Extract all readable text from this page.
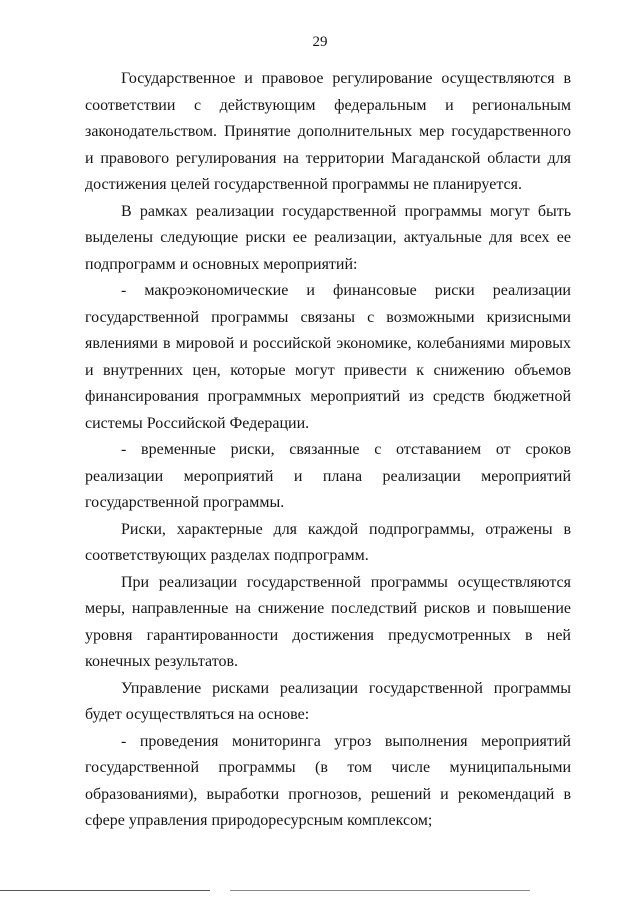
29

Государственное и правовое регулирование осуществляются в соответствии с действующим федеральным и региональным законодательством. Принятие дополнительных мер государственного и правового регулирования на территории Магаданской области для достижения целей государственной программы не планируется.

В рамках реализации государственной программы могут быть выделены следующие риски ее реализации, актуальные для всех ее подпрограмм и основных мероприятий:

- макроэкономические и финансовые риски реализации государственной программы связаны с возможными кризисными явлениями в мировой и российской экономике, колебаниями мировых и внутренних цен, которые могут привести к снижению объемов финансирования программных мероприятий из средств бюджетной системы Российской Федерации.

- временные риски, связанные с отставанием от сроков реализации мероприятий и плана реализации мероприятий государственной программы.

Риски, характерные для каждой подпрограммы, отражены в соответствующих разделах подпрограмм.

При реализации государственной программы осуществляются меры, направленные на снижение последствий рисков и повышение уровня гарантированности достижения предусмотренных в ней конечных результатов.

Управление рисками реализации государственной программы будет осуществляться на основе:

- проведения мониторинга угроз выполнения мероприятий государственной программы (в том числе муниципальными образованиями), выработки прогнозов, решений и рекомендаций в сфере управления природоресурсным комплексом;
